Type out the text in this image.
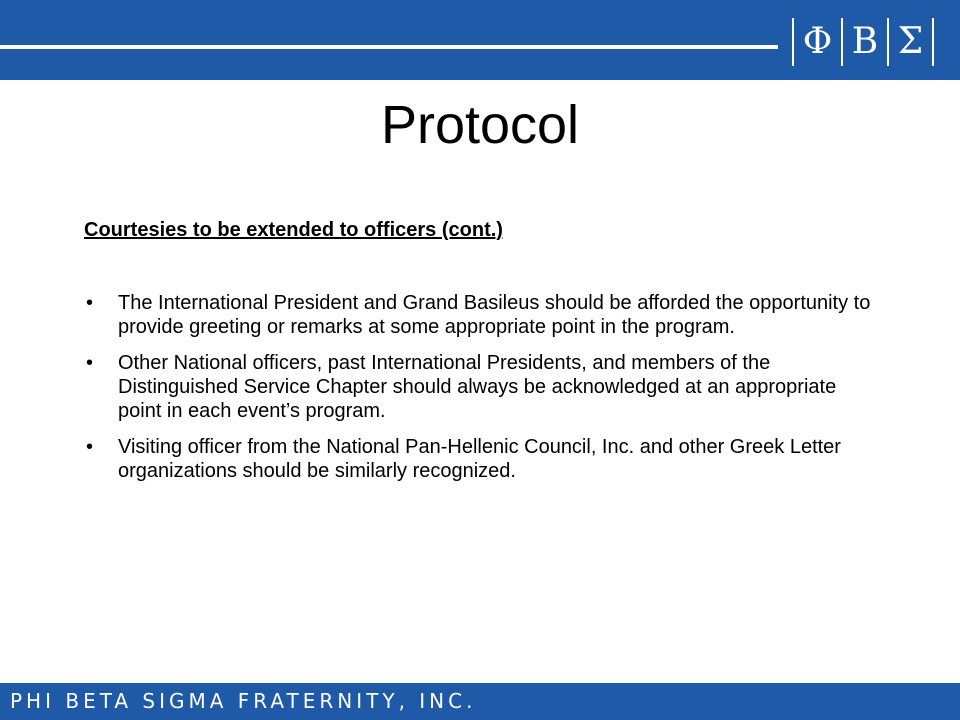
Φ Β Σ
Protocol

Courtesies to be extended to officers (cont.)

• The International President and Grand Basileus should be afforded the opportunity to provide greeting or remarks at some appropriate point in the program.
• Other National officers, past International Presidents, and members of the Distinguished Service Chapter should always be acknowledged at an appropriate point in each event’s program.
• Visiting officer from the National Pan-Hellenic Council, Inc. and other Greek Letter organizations should be similarly recognized.
PHI BETA SIGMA FRATERNITY, INC.
